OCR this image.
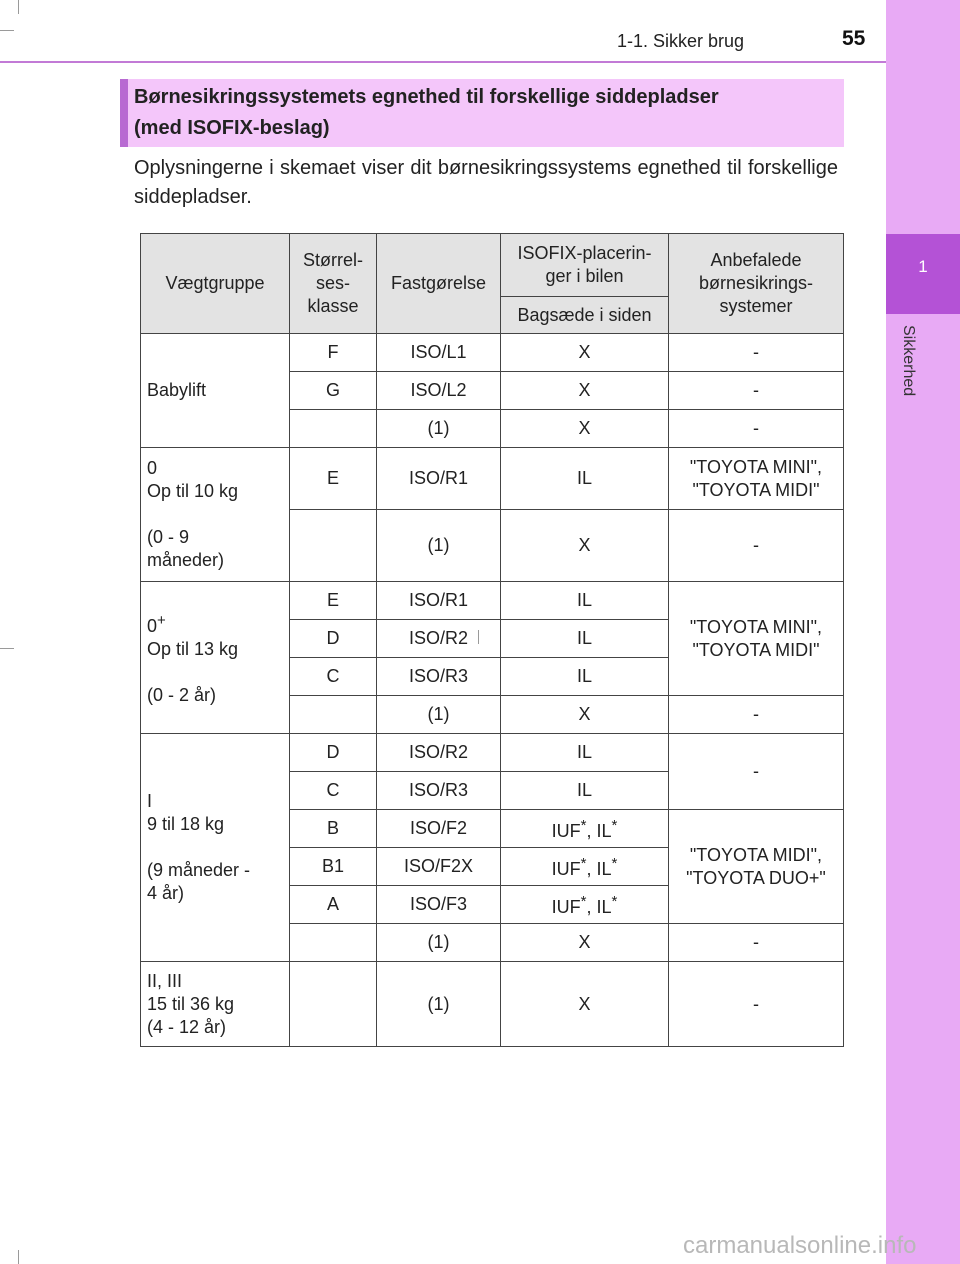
1
Sikkerhed
1-1. Sikker brug	55
Børnesikringssystemets egnethed til forskellige siddepladser
(med ISOFIX-beslag)
Oplysningerne i skemaet viser dit børnesikringssystems egnethed til forskellige siddepladser.
Vægtgruppe	Størrel-
ses-
klasse	Fastgørelse	ISOFIX-placerin-
ger i bilen	Anbefalede
børnesikrings-
systemer
			Bagsæde i siden	
Babylift	F	ISO/L1	X	-
	G	ISO/L2	X	-
		(1)	X	-
0
Op til 10 kg

(0 - 9
måneder)	E	ISO/R1	IL	"TOYOTA MINI",
"TOYOTA MIDI"
		(1)	X	-
0+
Op til 13 kg

(0 - 2 år)	E	ISO/R1	IL	"TOYOTA MINI",
"TOYOTA MIDI"
	D	ISO/R2	IL	
	C	ISO/R3	IL	
		(1)	X	-
I
9 til 18 kg

(9 måneder -
4 år)	D	ISO/R2	IL	-
	C	ISO/R3	IL	
	B	ISO/F2	IUF*, IL*	"TOYOTA MIDI",
"TOYOTA DUO+"
	B1	ISO/F2X	IUF*, IL*
	A	ISO/F3	IUF*, IL*
		(1)	X	-
II, III
15 til 36 kg
(4 - 12 år)		(1)	X	-
carmanualsonline.info
